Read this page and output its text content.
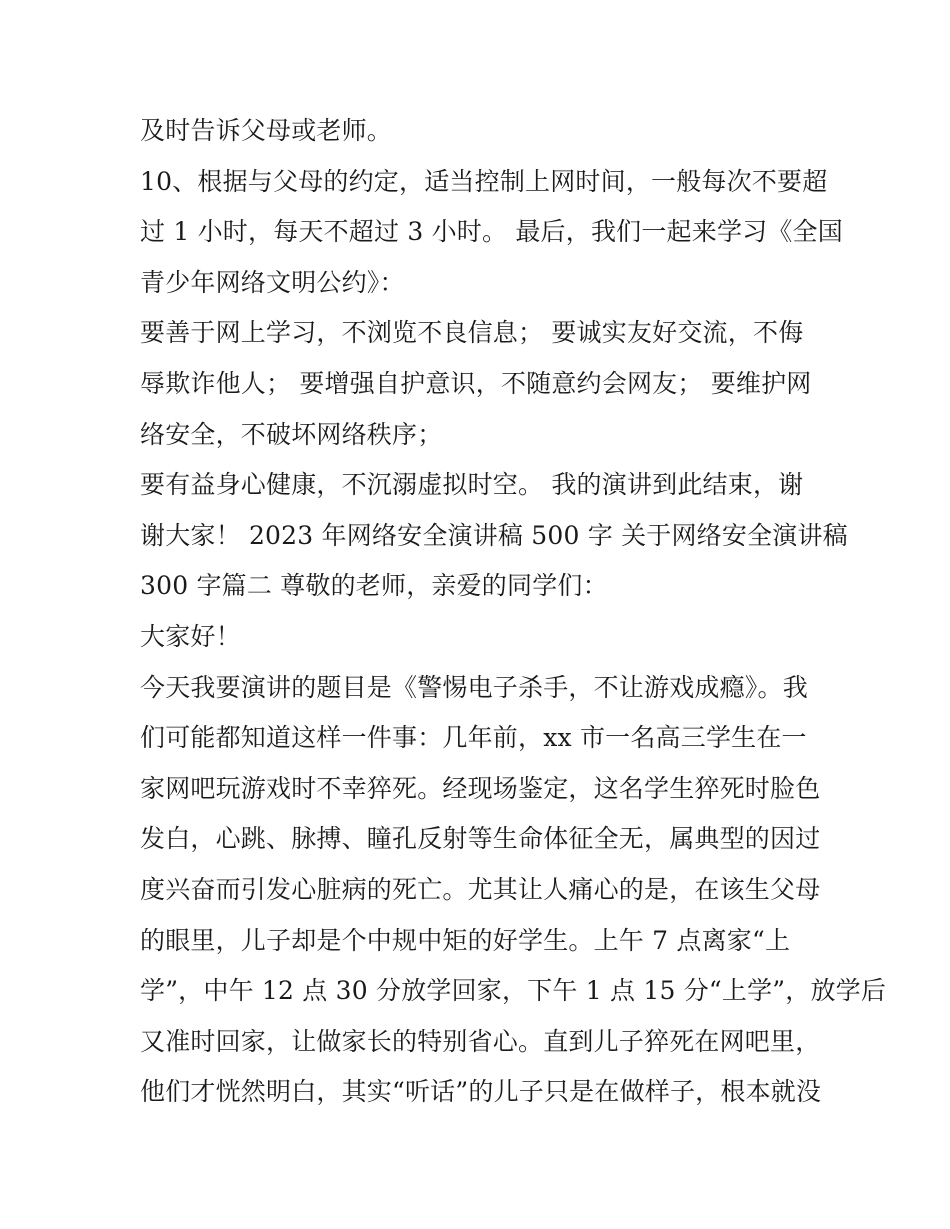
及时告诉父母或老师。
10、根据与父母的约定，适当控制上网时间，一般每次不要超
过 1 小时，每天不超过 3 小时。 最后，我们一起来学习《全国
青少年网络文明公约》：
要善于网上学习，不浏览不良信息； 要诚实友好交流，不侮
辱欺诈他人； 要增强自护意识，不随意约会网友； 要维护网
络安全，不破坏网络秩序；
要有益身心健康，不沉溺虚拟时空。 我的演讲到此结束，谢
谢大家！ 2023 年网络安全演讲稿 500 字 关于网络安全演讲稿
300 字篇二 尊敬的老师，亲爱的同学们：
大家好！
今天我要演讲的题目是《警惕电子杀手，不让游戏成瘾》。我
们可能都知道这样一件事：几年前，xx 市一名高三学生在一
家网吧玩游戏时不幸猝死。经现场鉴定，这名学生猝死时脸色
发白，心跳、脉搏、瞳孔反射等生命体征全无，属典型的因过
度兴奋而引发心脏病的死亡。尤其让人痛心的是，在该生父母
的眼里，儿子却是个中规中矩的好学生。上午 7 点离家“上
学”，中午 12 点 30 分放学回家，下午 1 点 15 分“上学”，放学后
又准时回家，让做家长的特别省心。直到儿子猝死在网吧里，
他们才恍然明白，其实“听话”的儿子只是在做样子，根本就没
